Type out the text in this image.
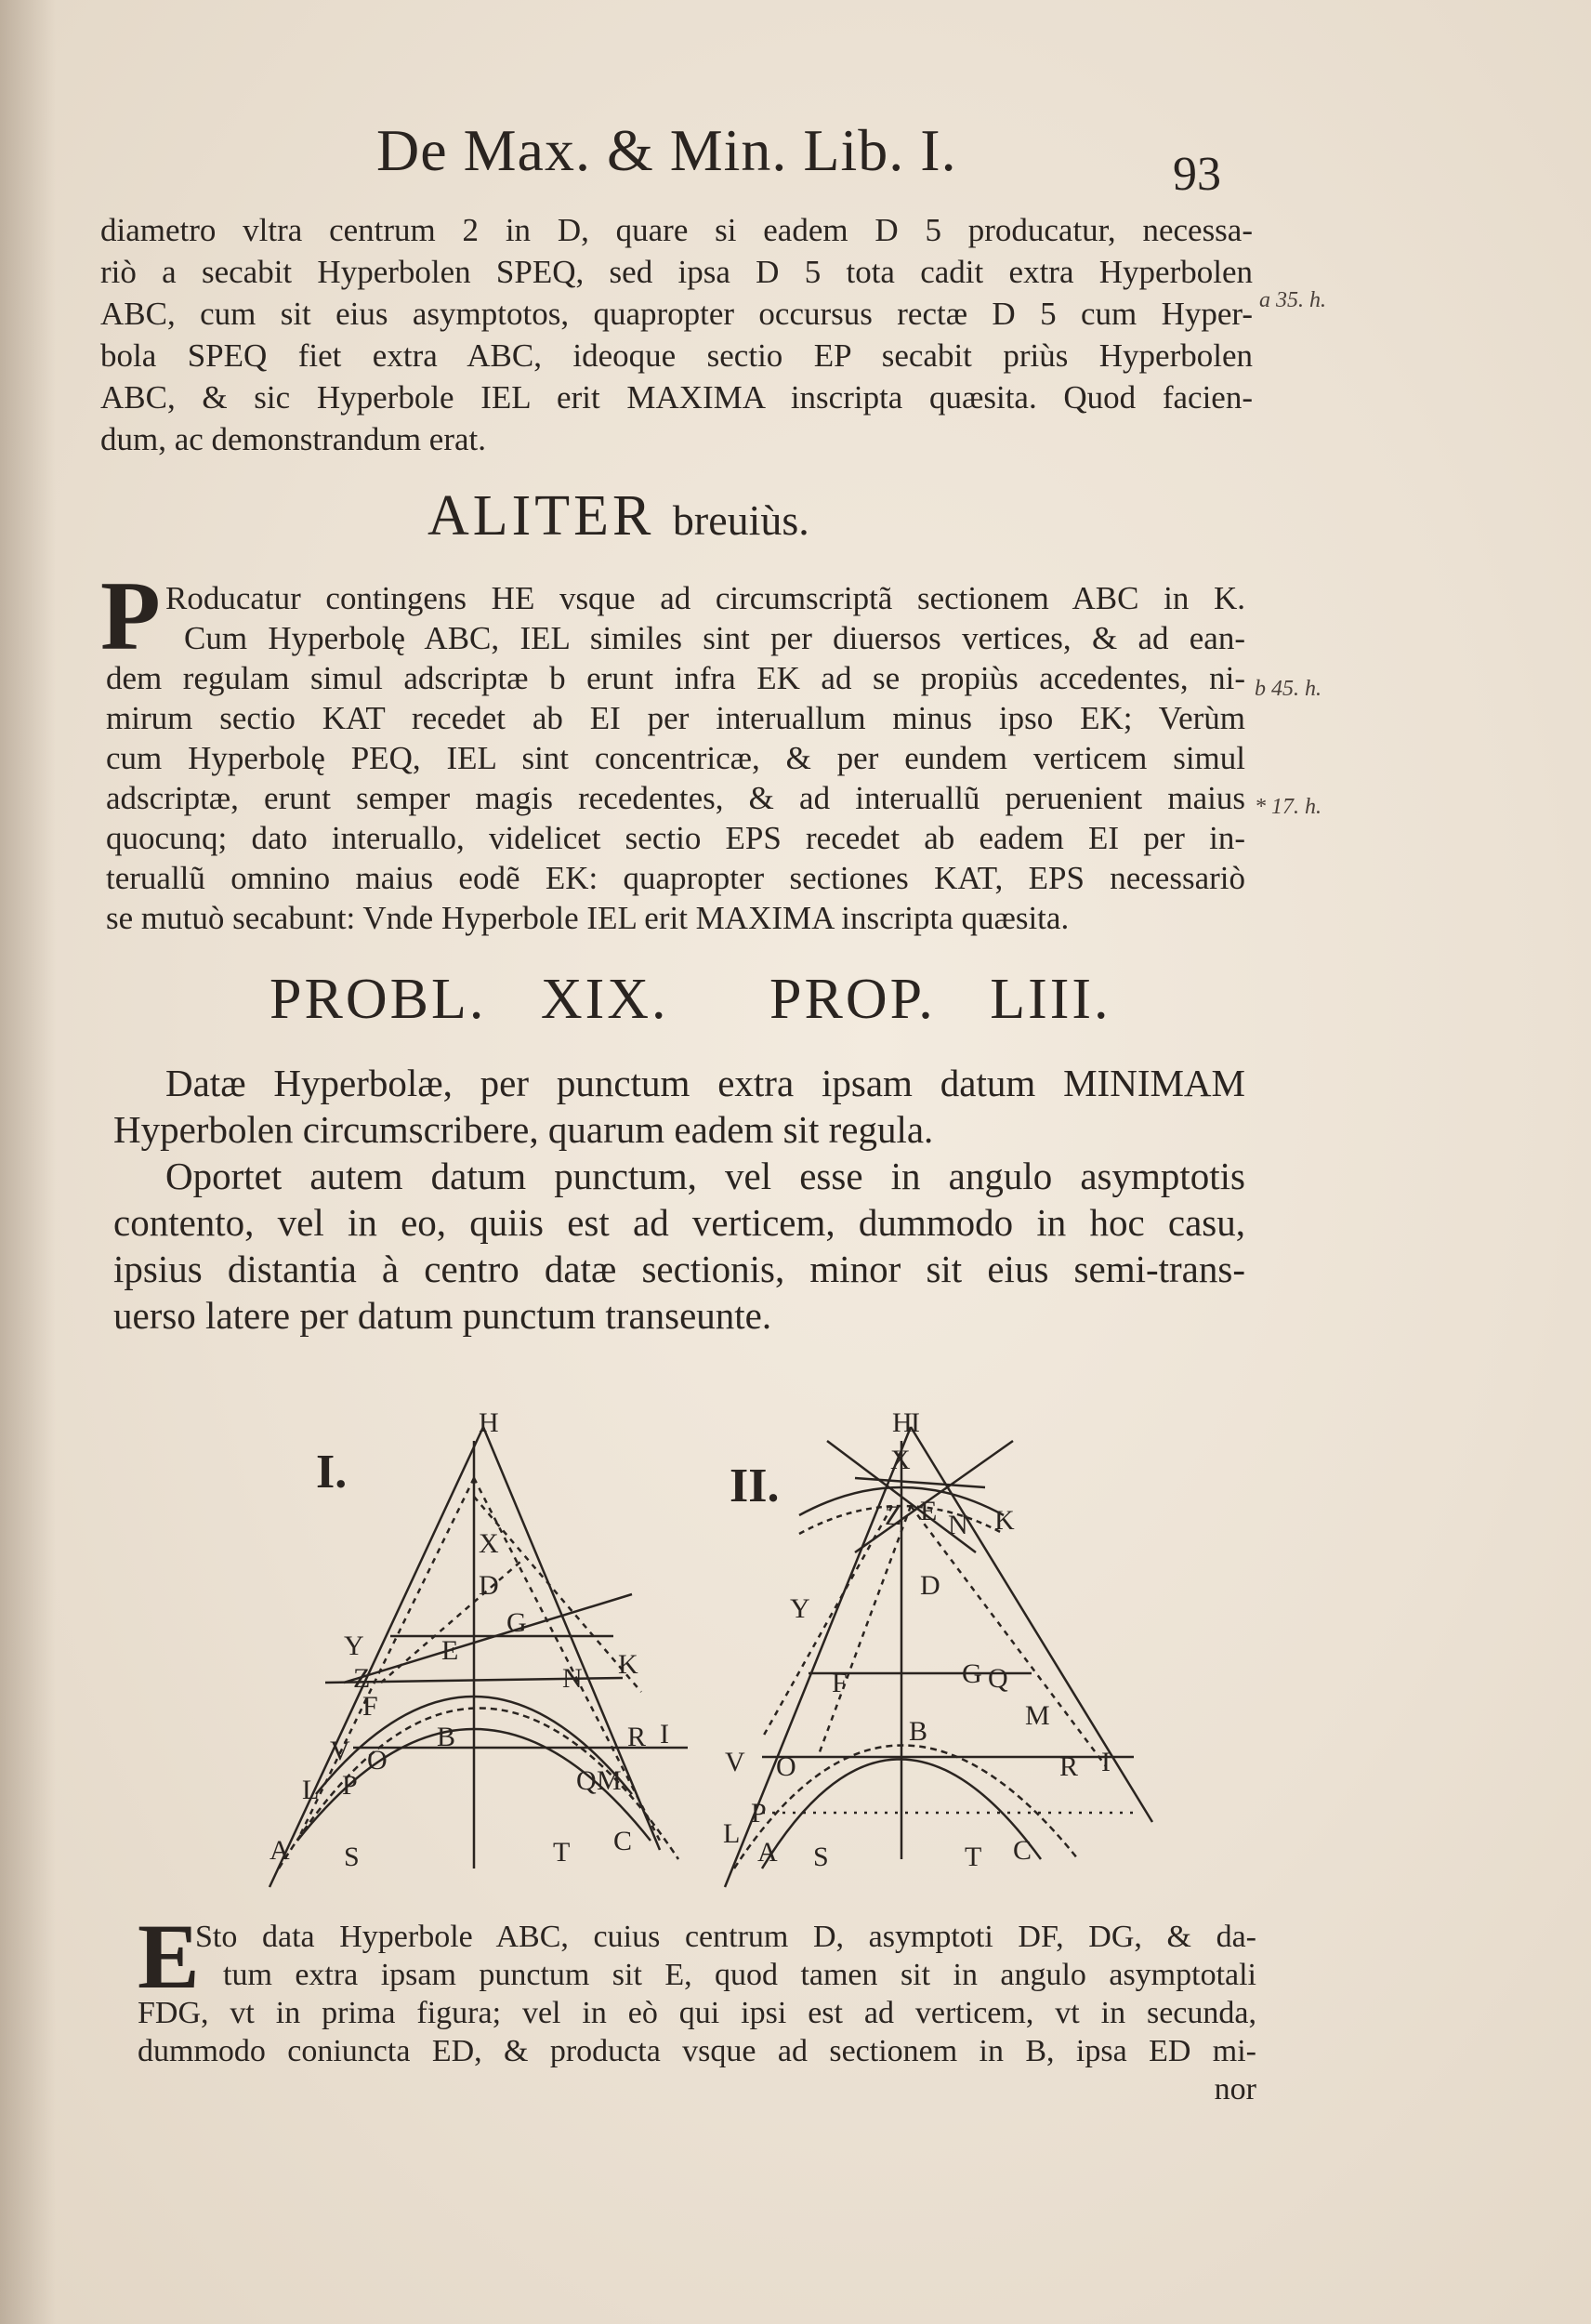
De Max. & Min. Lib. I.	93
diametro vltra centrum 2 in D, quare si eadem D 5 producatur, necessa-
riò a secabit Hyperbolen SPEQ, sed ipsa D 5 tota cadit extra Hyperbolen
ABC, cum sit eius asymptotos, quapropter occursus rectæ D 5 cum Hyper-
bola SPEQ fiet extra ABC, ideoque sectio EP secabit priùs Hyperbolen
ABC, & sic Hyperbole IEL erit MAXIMA inscripta quæsita. Quod facien-
dum, ac demonstrandum erat.
a 35. h.
b 45. h.
* 17. h.
ALITER breuiùs.
P Roducatur contingens HE vsque ad circumscriptã sectionem ABC in K.
Cum Hyperbolę ABC, IEL similes sint per diuersos vertices, & ad ean-
dem regulam simul adscriptæ b erunt infra EK ad se propiùs accedentes, ni-
mirum sectio KAT recedet ab EI per interuallum minus ipso EK; Verùm
cum Hyperbolę PEQ, IEL sint concentricæ, & per eundem verticem simul
adscriptæ, erunt semper magis recedentes, & ad interuallũ peruenient maius
quocunq; dato interuallo, videlicet sectio EPS recedet ab eadem EI per in-
teruallũ omnino maius eodẽ EK: quapropter sectiones KAT, EPS necessariò
se mutuò secabunt: Vnde Hyperbole IEL erit MAXIMA inscripta quæsita.
PROBL. XIX. PROP. LIII.
Datæ Hyperbolæ, per punctum extra ipsam datum MINIMAM
Hyperbolen circumscribere, quarum eadem sit regula.
Oportet autem datum punctum, vel esse in angulo asymptotis
contento, vel in eo, quiis est ad verticem, dummodo in hoc casu,
ipsius distantia à centro datæ sectionis, minor sit eius semi-trans-
uerso latere per datum punctum transeunte.
I.
H
X
D
G
E
N K
Y
Z
F
B	R I
V O
L P	Q M
A S	T C
II.
H
I
X
Z E N K
D
Y
F	G Q
M
B
V O	R I
P
L
A S	T C
E
Sto data Hyperbole ABC, cuius centrum D, asymptoti DF, DG, & da-
tum extra ipsam punctum sit E, quod tamen sit in angulo asymptotali
FDG, vt in prima figura; vel in eò qui ipsi est ad verticem, vt in secunda,
dummodo coniuncta ED, & producta vsque ad sectionem in B, ipsa ED mi-
nor
